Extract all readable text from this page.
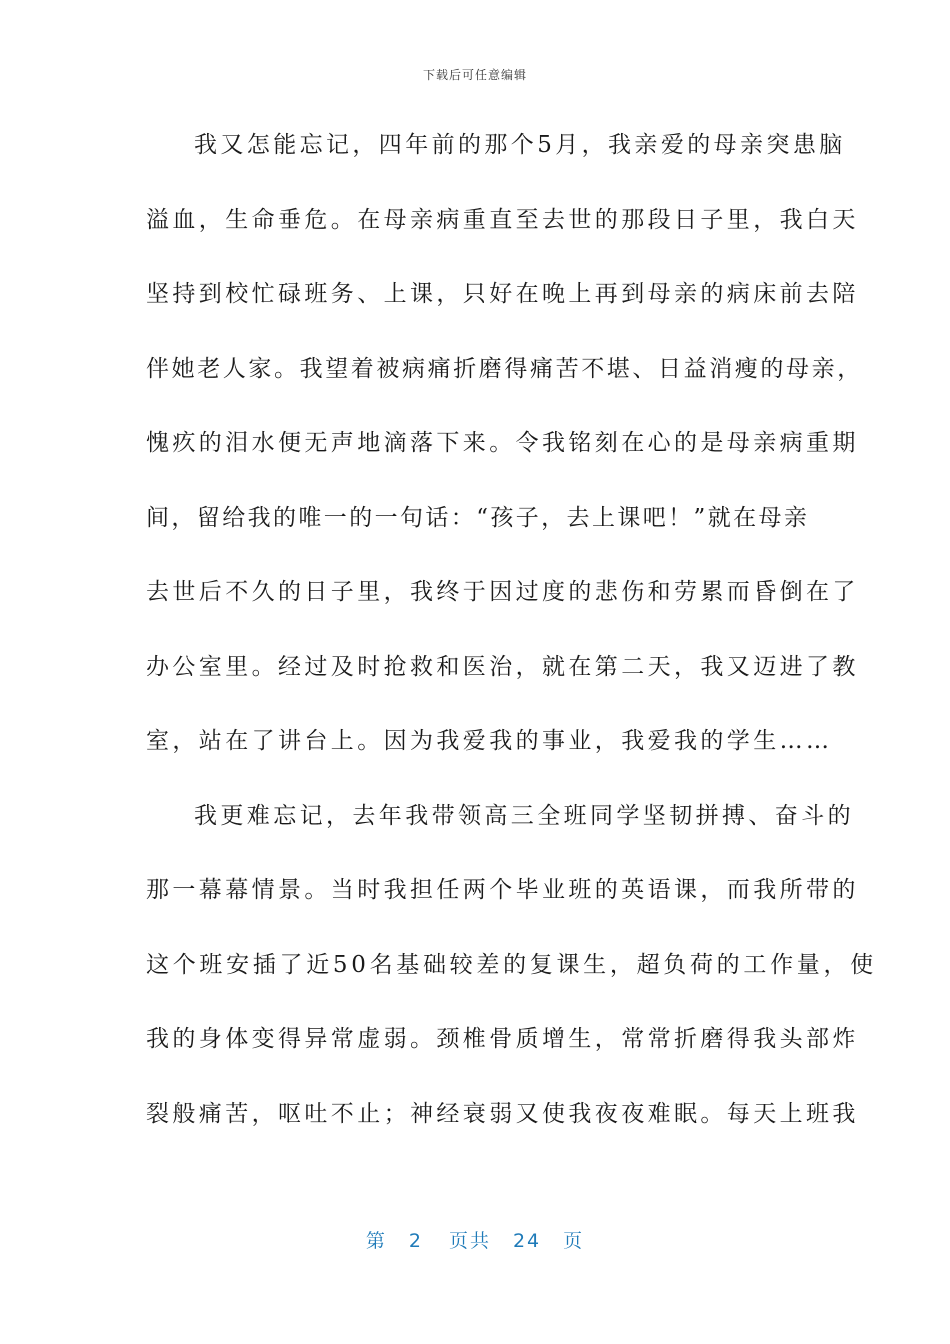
下载后可任意编辑
我又怎能忘记，四年前的那个5月，我亲爱的母亲突患脑
溢血，生命垂危。在母亲病重直至去世的那段日子里，我白天
坚持到校忙碌班务、上课，只好在晚上再到母亲的病床前去陪
伴她老人家。我望着被病痛折磨得痛苦不堪、日益消瘦的母亲，
愧疚的泪水便无声地滴落下来。令我铭刻在心的是母亲病重期
间，留给我的唯一的一句话：“孩子，去上课吧！”就在母亲
去世后不久的日子里，我终于因过度的悲伤和劳累而昏倒在了
办公室里。经过及时抢救和医治，就在第二天，我又迈进了教
室，站在了讲台上。因为我爱我的事业，我爱我的学生……
我更难忘记，去年我带领高三全班同学坚韧拼搏、奋斗的
那一幕幕情景。当时我担任两个毕业班的英语课，而我所带的
这个班安插了近50名基础较差的复课生，超负荷的工作量，使
我的身体变得异常虚弱。颈椎骨质增生，常常折磨得我头部炸
裂般痛苦，呕吐不止；神经衰弱又使我夜夜难眠。每天上班我
第 2 页共 24 页
